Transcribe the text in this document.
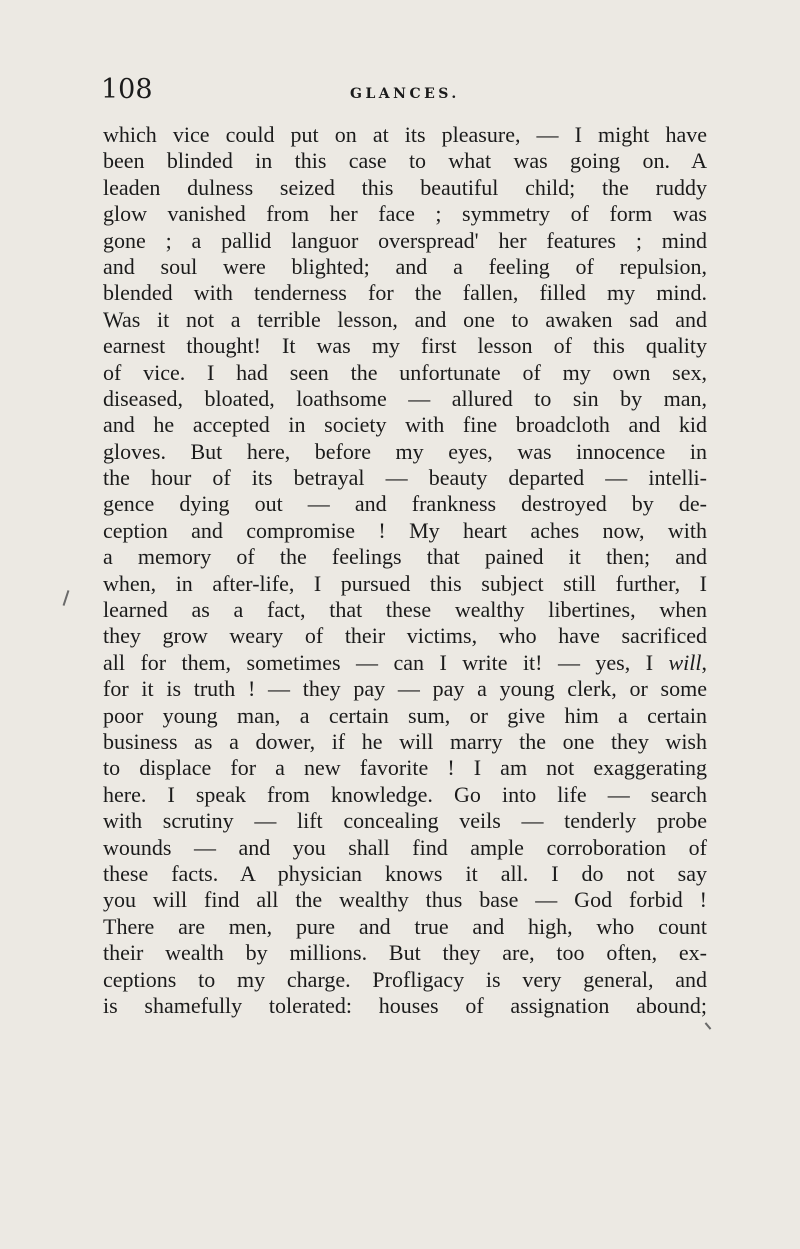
108	GLANCES.
which vice could put on at its pleasure, — I might have
been blinded in this case to what was going on. A
leaden dulness seized this beautiful child; the ruddy
glow vanished from her face ; symmetry of form was
gone ; a pallid languor overspread' her features ; mind
and soul were blighted; and a feeling of repulsion,
blended with tenderness for the fallen, filled my mind.
Was it not a terrible lesson, and one to awaken sad and
earnest thought! It was my first lesson of this quality
of vice. I had seen the unfortunate of my own sex,
diseased, bloated, loathsome — allured to sin by man,
and he accepted in society with fine broadcloth and kid
gloves. But here, before my eyes, was innocence in
the hour of its betrayal — beauty departed — intelli-
gence dying out — and frankness destroyed by de-
ception and compromise ! My heart aches now, with
a memory of the feelings that pained it then; and
when, in after-life, I pursued this subject still further, I
learned as a fact, that these wealthy libertines, when
they grow weary of their victims, who have sacrificed
all for them, sometimes — can I write it! — yes, I will,
for it is truth ! — they pay — pay a young clerk, or some
poor young man, a certain sum, or give him a certain
business as a dower, if he will marry the one they wish
to displace for a new favorite ! I am not exaggerating
here. I speak from knowledge. Go into life — search
with scrutiny — lift concealing veils — tenderly probe
wounds — and you shall find ample corroboration of
these facts. A physician knows it all. I do not say
you will find all the wealthy thus base — God forbid !
There are men, pure and true and high, who count
their wealth by millions. But they are, too often, ex-
ceptions to my charge. Profligacy is very general, and
is shamefully tolerated: houses of assignation abound;
